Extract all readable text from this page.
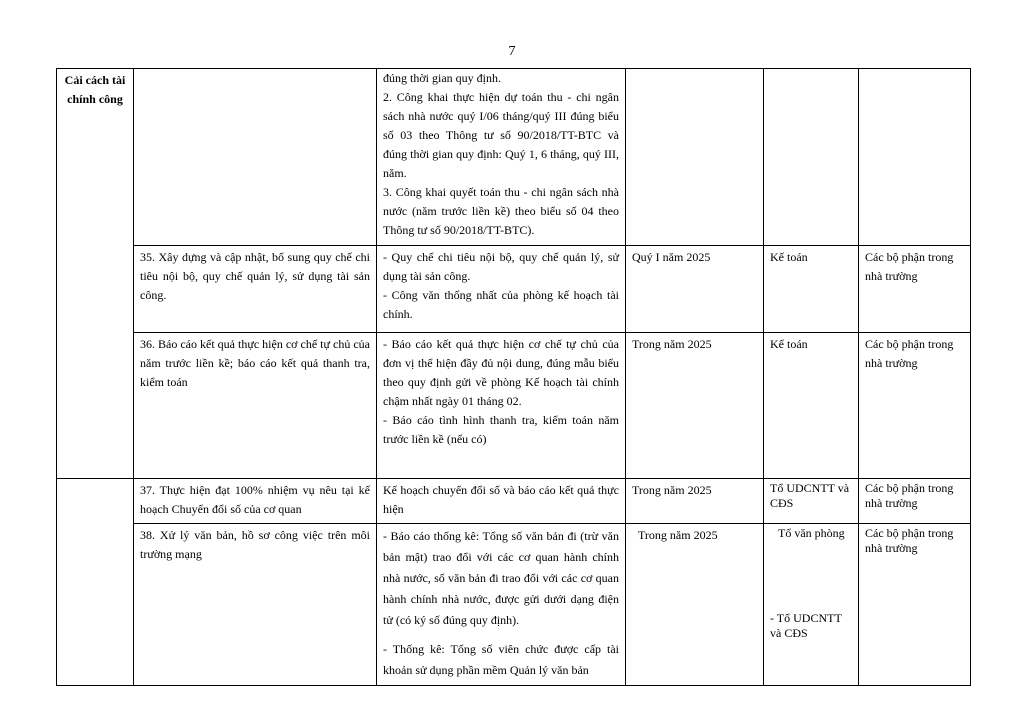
7
Cải cách tài chính công		đúng thời gian quy định.
2. Công khai thực hiện dự toán thu - chi ngân sách nhà nước quý I/06 tháng/quý III đúng biểu số 03 theo Thông tư số 90/2018/TT-BTC và đúng thời gian quy định: Quý 1, 6 tháng, quý III, năm.
3. Công khai quyết toán thu - chi ngân sách nhà nước (năm trước liền kề) theo biểu số 04 theo Thông tư số 90/2018/TT-BTC).			

	35. Xây dựng và cập nhật, bổ sung quy chế chi tiêu nội bộ, quy chế quản lý, sử dụng tài sản công.	- Quy chế chi tiêu nội bộ, quy chế quản lý, sử dụng tài sản công.
- Công văn thống nhất của phòng kế hoạch tài chính.	Quý I năm 2025	Kế toán	Các bộ phận trong nhà trường
	36. Báo cáo kết quả thực hiện cơ chế tự chủ của năm trước liền kề; báo cáo kết quả thanh tra, kiểm toán	- Báo cáo kết quả thực hiện cơ chế tự chủ của đơn vị thể hiện đầy đủ nội dung, đúng mẫu biểu theo quy định gửi về phòng Kế hoạch tài chính chậm nhất ngày 01 tháng 02.
- Báo cáo tình hình thanh tra, kiểm toán năm trước liền kề (nếu có)	Trong năm 2025	Kế toán	Các bộ phận trong nhà trường
	37. Thực hiện đạt 100% nhiệm vụ nêu tại kế hoạch Chuyển đổi số của cơ quan	Kế hoạch chuyển đổi số và báo cáo kết quả thực hiện	Trong năm 2025	Tổ UDCNTT và CĐS	Các bộ phận trong nhà trường
	38. Xử lý văn bản, hồ sơ công việc trên môi trường mạng	- Báo cáo thống kê: Tổng số văn bản đi (trừ văn bản mật) trao đổi với các cơ quan hành chính nhà nước, số văn bản đi trao đổi với các cơ quan hành chính nhà nước, được gửi dưới dạng điện tử (có ký số đúng quy định).
- Thống kê: Tổng số viên chức được cấp tài khoản sử dụng phần mềm Quản lý văn bản	Trong năm 2025	Tổ văn phòng
- Tổ UDCNTT và CĐS	Các bộ phận trong nhà trường
